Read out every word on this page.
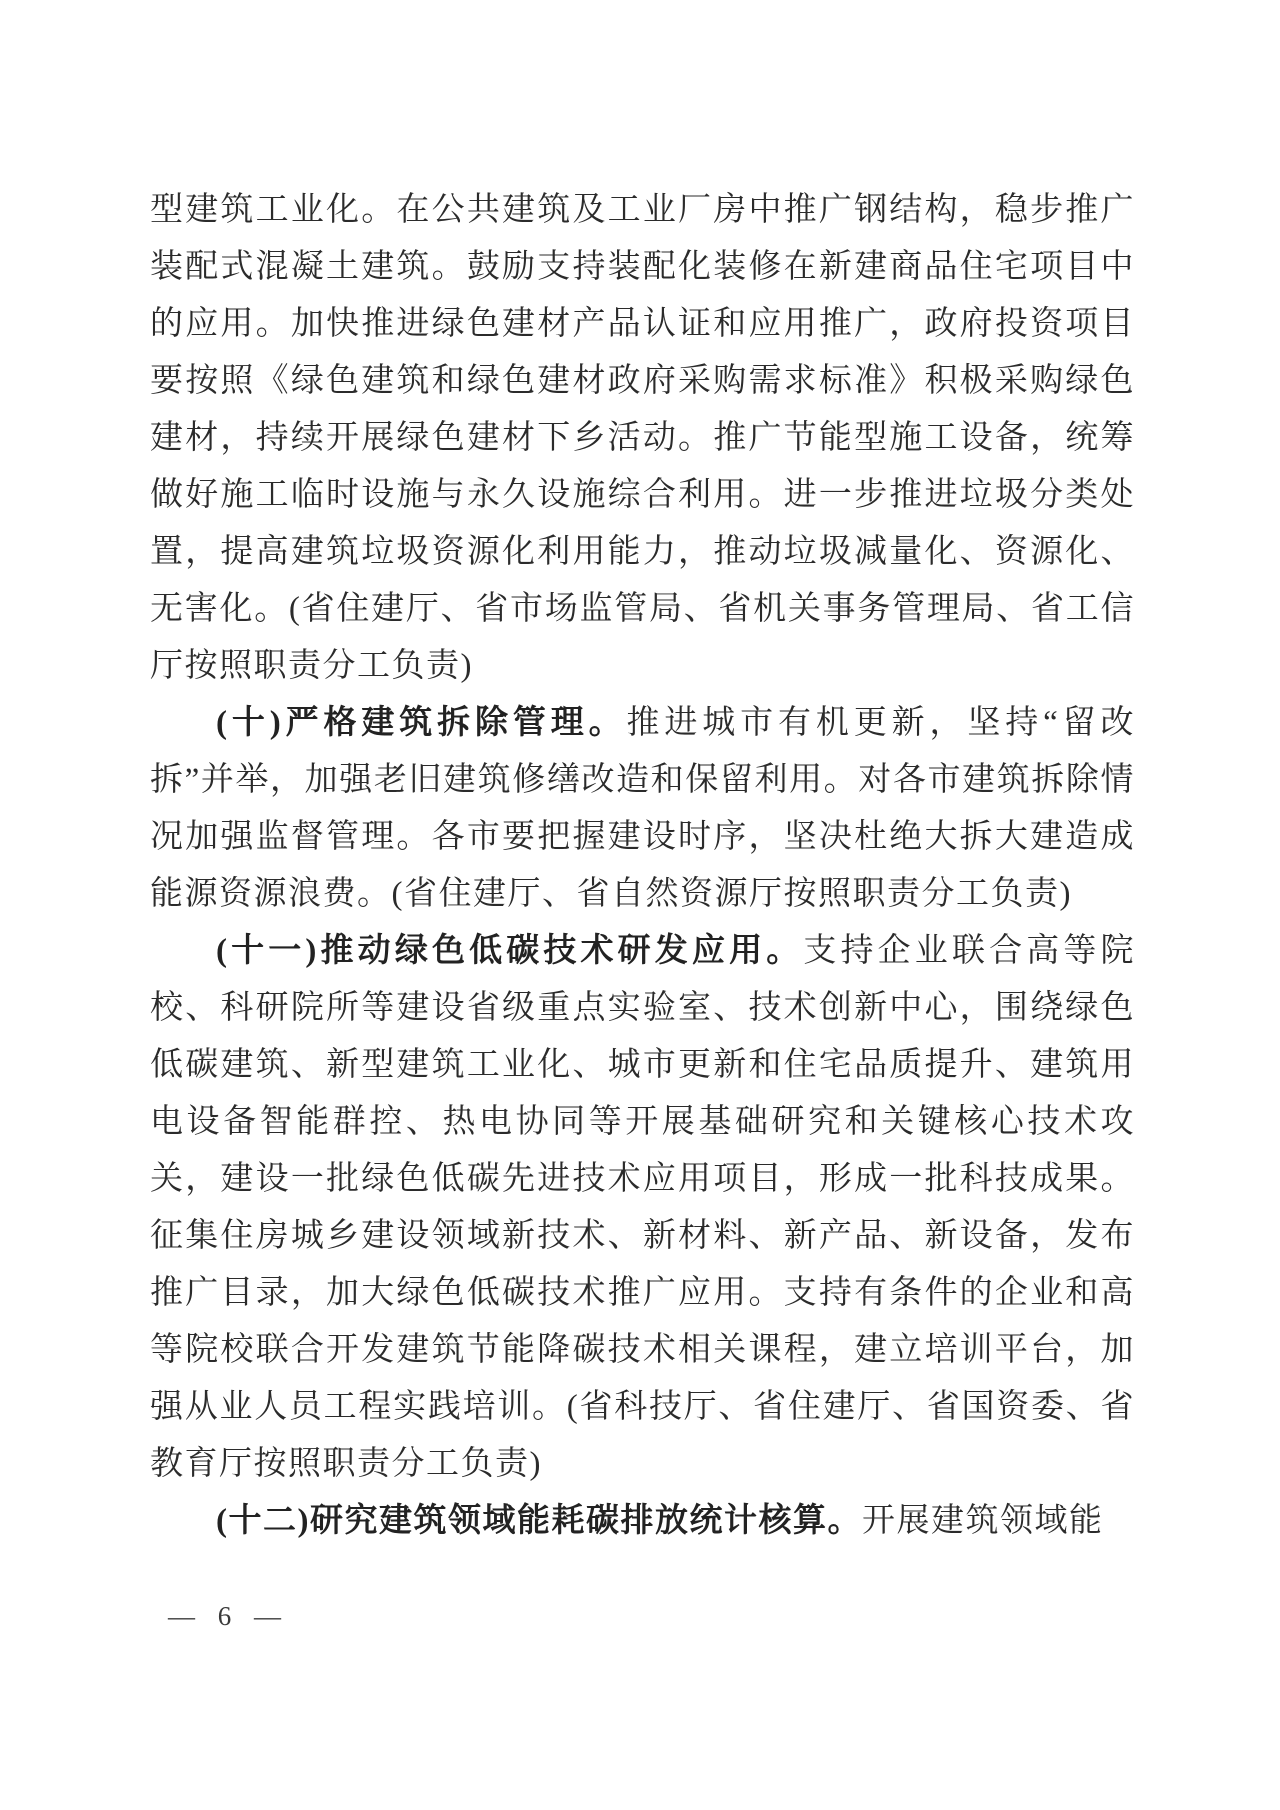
型建筑工业化。在公共建筑及工业厂房中推广钢结构，稳步推广装配式混凝土建筑。鼓励支持装配化装修在新建商品住宅项目中的应用。加快推进绿色建材产品认证和应用推广，政府投资项目要按照《绿色建筑和绿色建材政府采购需求标准》积极采购绿色建材，持续开展绿色建材下乡活动。推广节能型施工设备，统筹做好施工临时设施与永久设施综合利用。进一步推进垃圾分类处置，提高建筑垃圾资源化利用能力，推动垃圾减量化、资源化、无害化。(省住建厅、省市场监管局、省机关事务管理局、省工信厅按照职责分工负责)

(十)严格建筑拆除管理。推进城市有机更新，坚持“留改拆”并举，加强老旧建筑修缮改造和保留利用。对各市建筑拆除情况加强监督管理。各市要把握建设时序，坚决杜绝大拆大建造成能源资源浪费。(省住建厅、省自然资源厅按照职责分工负责)

(十一)推动绿色低碳技术研发应用。支持企业联合高等院校、科研院所等建设省级重点实验室、技术创新中心，围绕绿色低碳建筑、新型建筑工业化、城市更新和住宅品质提升、建筑用电设备智能群控、热电协同等开展基础研究和关键核心技术攻关，建设一批绿色低碳先进技术应用项目，形成一批科技成果。征集住房城乡建设领域新技术、新材料、新产品、新设备，发布推广目录，加大绿色低碳技术推广应用。支持有条件的企业和高等院校联合开发建筑节能降碳技术相关课程，建立培训平台，加强从业人员工程实践培训。(省科技厅、省住建厅、省国资委、省教育厅按照职责分工负责)

(十二)研究建筑领域能耗碳排放统计核算。开展建筑领域能

— 6 —
